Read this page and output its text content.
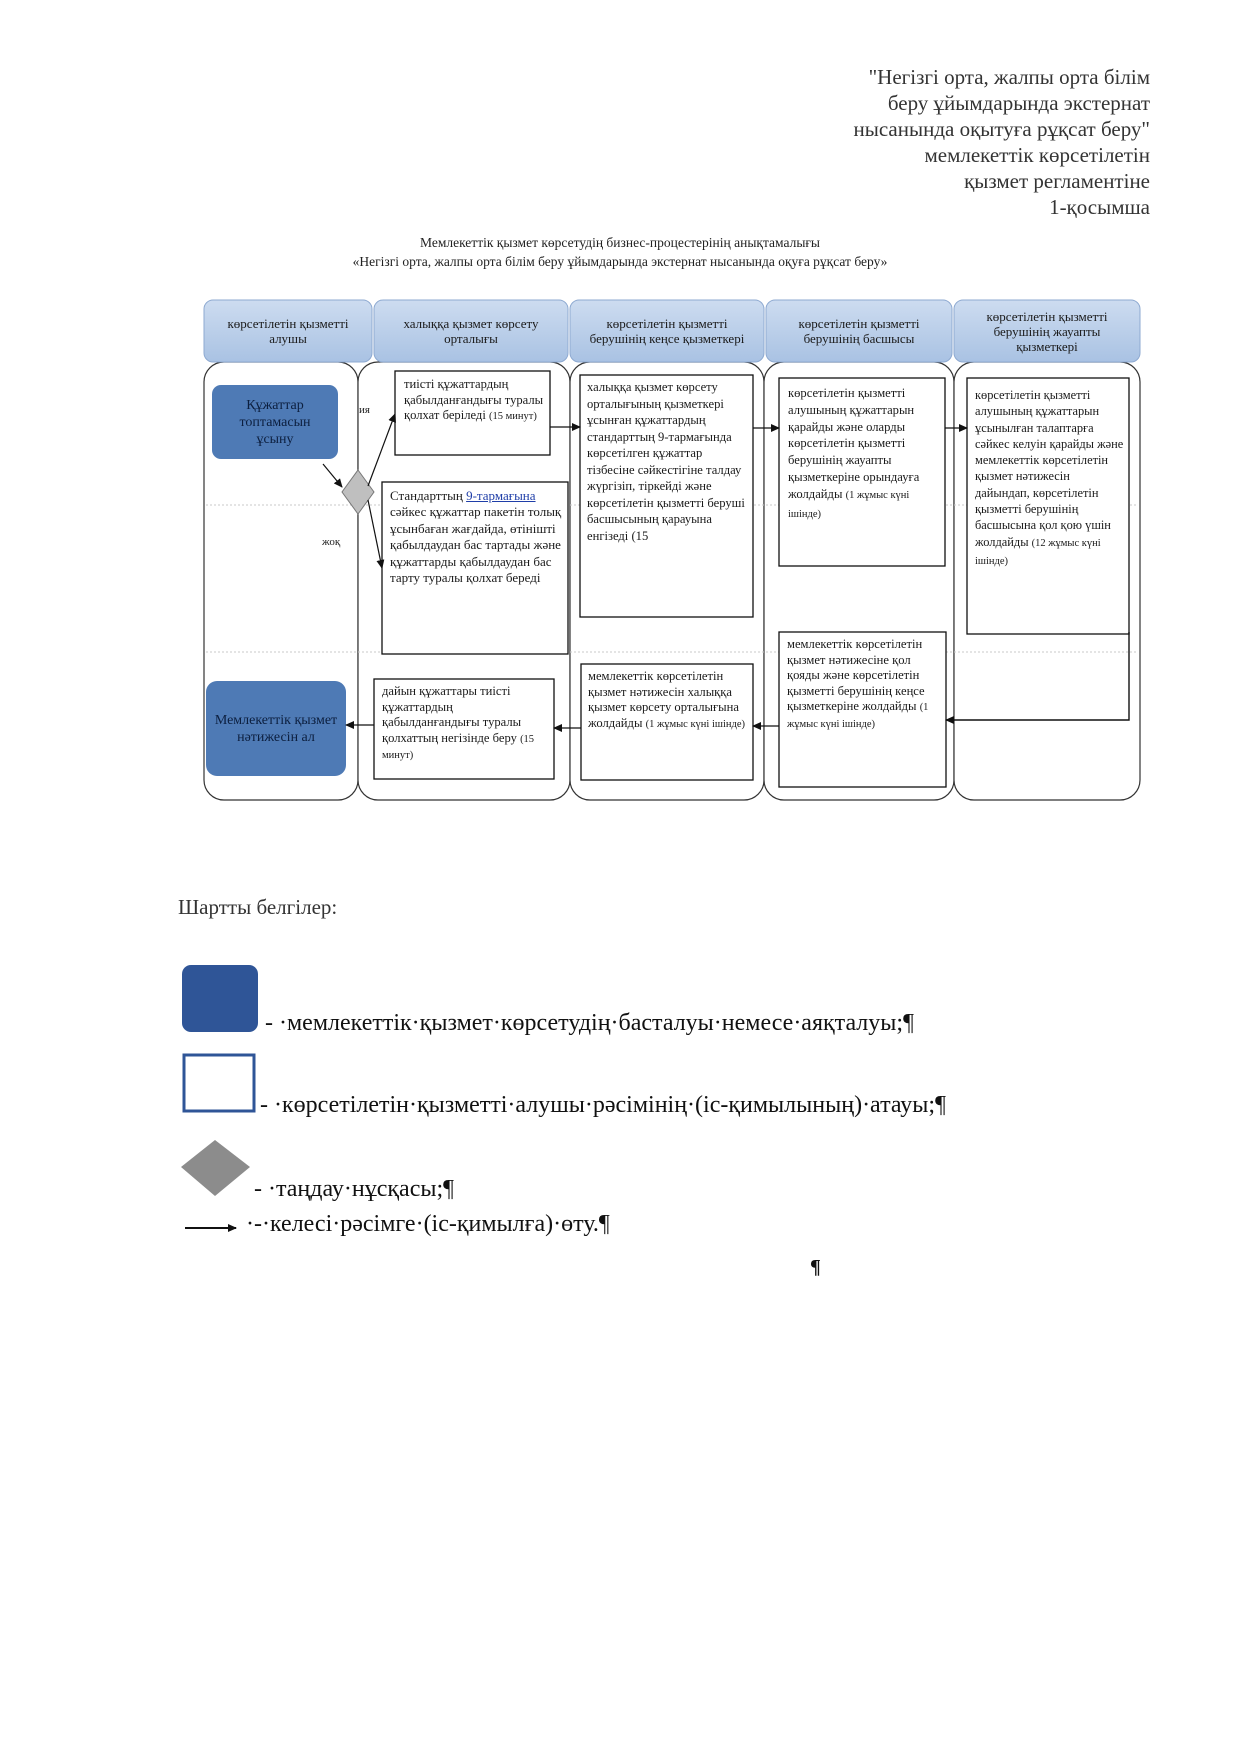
"Негізгі орта, жалпы орта білім
беру ұйымдарында экстернат
нысанында оқытуға рұқсат беру"
мемлекеттік көрсетілетін
қызмет регламентіне
1-қосымша
Мемлекеттік қызмет көрсетудің бизнес-процестерінің анықтамалығы
«Негізгі орта, жалпы орта білім беру ұйымдарында экстернат нысанында оқуға рұқсат беру»
көрсетілетін қызметті алушы
халыққа қызмет көрсету орталығы
көрсетілетін қызметті берушінің кеңсе қызметкері
көрсетілетін қызметті берушінің басшысы
көрсетілетін қызметті берушінің жауапты қызметкері
Құжаттар топтамасын ұсыну
Мемлекеттік қызмет нәтижесін ал
ия
жоқ
тиісті құжаттардың қабылданғандығы туралы қолхат беріледі (15 минут)
Стандарттың 9-тармағына сәйкес құжаттар пакетін толық ұсынбаған жағдайда, өтінішті қабылдаудан бас тартады және құжаттарды қабылдаудан бас тарту туралы қолхат береді
халыққа қызмет көрсету орталығының қызметкері ұсынған құжаттардың стандарттың 9-тармағында көрсетілген құжаттар тізбесіне сәйкестігіне талдау жүргізіп, тіркейді және көрсетілетін қызметті беруші басшысының қарауына енгізеді (15
көрсетілетін қызметті алушының құжаттарын қарайды және оларды көрсетілетін қызметті берушінің жауапты қызметкеріне орындауға жолдайды (1 жұмыс күні ішінде)
көрсетілетін қызметті алушының құжаттарын ұсынылған талаптарға сәйкес келуін қарайды және мемлекеттік көрсетілетін қызмет нәтижесін дайындап, көрсетілетін қызметті берушінің басшысына қол қою үшін жолдайды (12 жұмыс күні ішінде)
мемлекеттік көрсетілетін қызмет нәтижесіне қол қояды және көрсетілетін қызметті берушінің кеңсе қызметкеріне жолдайды (1 жұмыс күні ішінде)
мемлекеттік көрсетілетін қызмет нәтижесін халыққа қызмет көрсету орталығына жолдайды (1 жұмыс күні ішінде)
дайын құжаттары тиісті құжаттардың қабылданғандығы туралы қолхаттың негізінде беру (15 минут)
Шартты белгілер:
- ·мемлекеттік·қызмет·көрсетудің·басталуы·немесе·аяқталуы;¶
- ·көрсетілетін·қызметті·алушы·рәсімінің·(іс-қимылының)·атауы;¶
- ·таңдау·нұсқасы;¶
·-·келесі·рәсімге·(іс-қимылға)·өту.¶
¶
